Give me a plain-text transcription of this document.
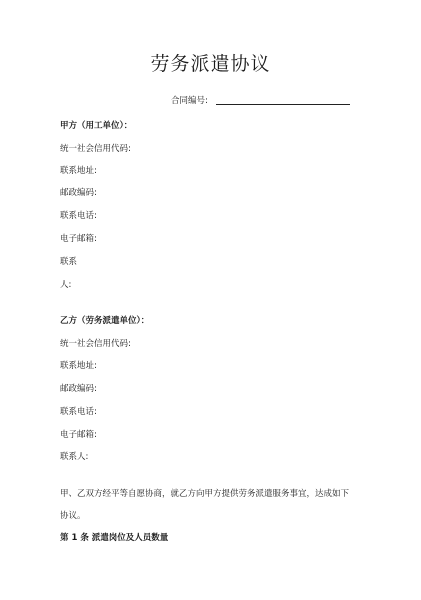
劳务派遣协议
合同编号:
甲方（用工单位）：
统一社会信用代码:
联系地址:
邮政编码:
联系电话:
电子邮箱:
联系
人:
乙方（劳务派遣单位）：
统一社会信用代码:
联系地址:
邮政编码:
联系电话:
电子邮箱:
联系人:
甲、乙双方经平等自愿协商，就乙方向甲方提供劳务派遣服务事宜，达成如下
协议。
第 1 条 派遣岗位及人员数量
